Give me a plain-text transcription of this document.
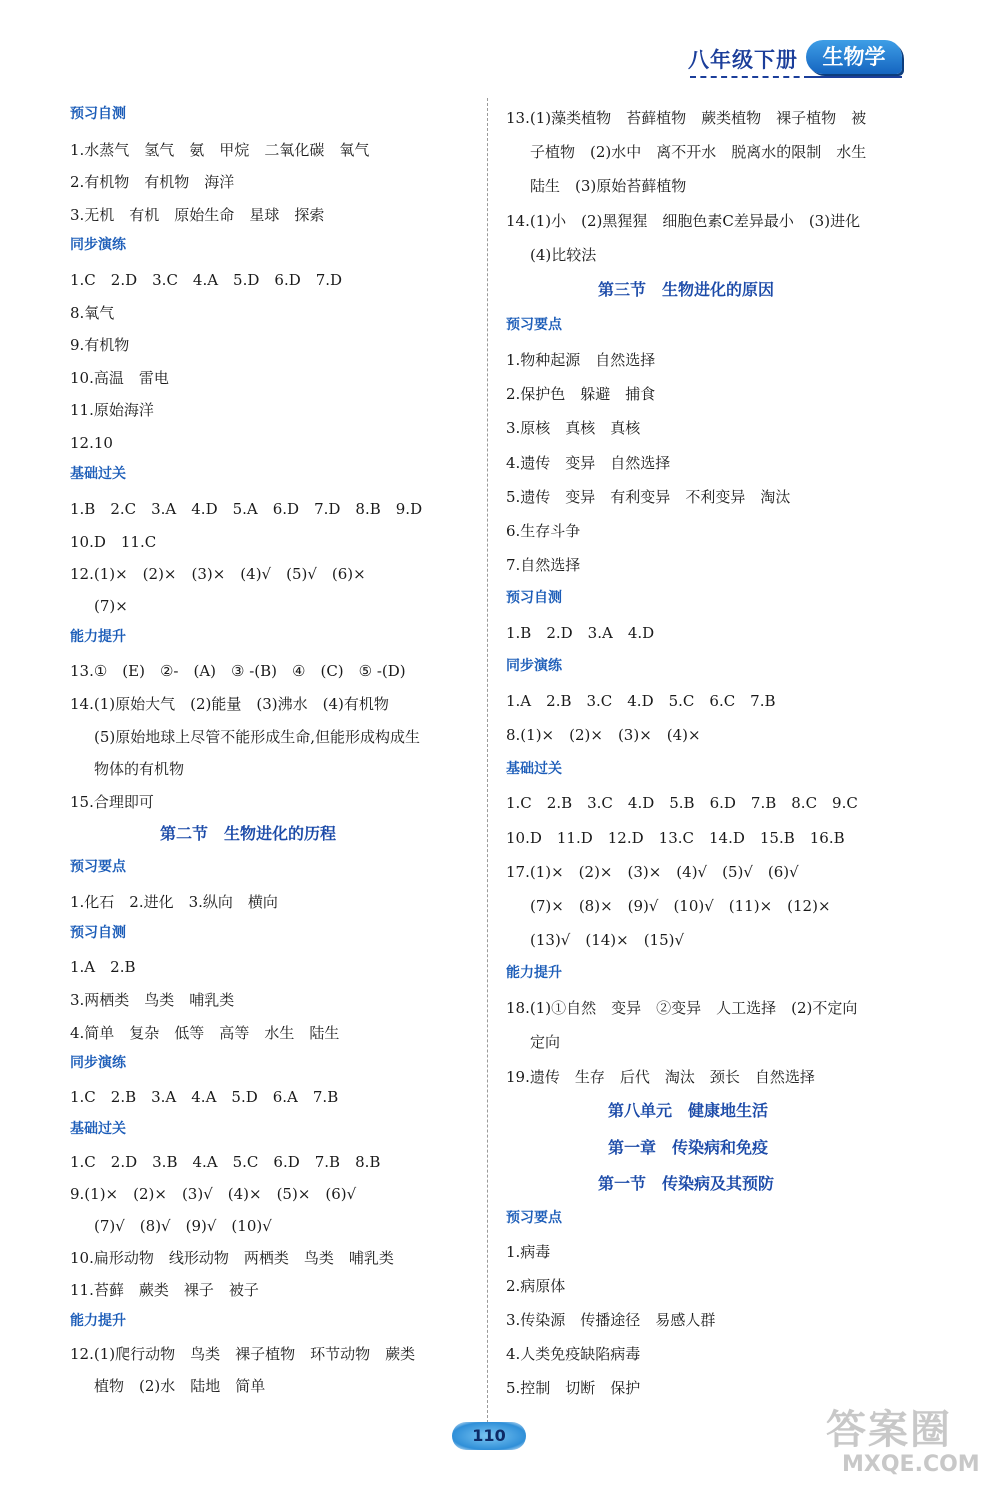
八年级下册	生物学
预习自测
1.水蒸气　氢气　氨　甲烷　二氧化碳　氧气
2.有机物　有机物　海洋
3.无机　有机　原始生命　星球　探索
同步演练
1.C　2.D　3.C　4.A　5.D　6.D　7.D
8.氧气
9.有机物
10.高温　雷电
11.原始海洋
12.10
基础过关
1.B　2.C　3.A　4.D　5.A　6.D　7.D　8.B　9.D
10.D　11.C
12.(1)×　(2)×　(3)×　(4)√　(5)√　(6)×
(7)×
能力提升
13.①　(E)　②-　(A)　③ -(B)　④　(C)　⑤ -(D)
14.(1)原始大气　(2)能量　(3)沸水　(4)有机物
(5)原始地球上尽管不能形成生命,但能形成构成生
物体的有机物
15.合理即可
第二节　生物进化的历程
预习要点
1.化石　2.进化　3.纵向　横向
预习自测
1.A　2.B
3.两栖类　鸟类　哺乳类
4.简单　复杂　低等　高等　水生　陆生
同步演练
1.C　2.B　3.A　4.A　5.D　6.A　7.B
基础过关
1.C　2.D　3.B　4.A　5.C　6.D　7.B　8.B
9.(1)×　(2)×　(3)√　(4)×　(5)×　(6)√
(7)√　(8)√　(9)√　(10)√
10.扁形动物　线形动物　两栖类　鸟类　哺乳类
11.苔藓　蕨类　裸子　被子
能力提升
12.(1)爬行动物　鸟类　裸子植物　环节动物　蕨类
植物　(2)水　陆地　简单
13.(1)藻类植物　苔藓植物　蕨类植物　裸子植物　被
子植物　(2)水中　离不开水　脱离水的限制　水生
陆生　(3)原始苔藓植物
14.(1)小　(2)黑猩猩　细胞色素C差异最小　(3)进化
(4)比较法
第三节　生物进化的原因
预习要点
1.物种起源　自然选择
2.保护色　躲避　捕食
3.原核　真核　真核
4.遗传　变异　自然选择
5.遗传　变异　有利变异　不利变异　淘汰
6.生存斗争
7.自然选择
预习自测
1.B　2.D　3.A　4.D
同步演练
1.A　2.B　3.C　4.D　5.C　6.C　7.B
8.(1)×　(2)×　(3)×　(4)×
基础过关
1.C　2.B　3.C　4.D　5.B　6.D　7.B　8.C　9.C
10.D　11.D　12.D　13.C　14.D　15.B　16.B
17.(1)×　(2)×　(3)×　(4)√　(5)√　(6)√
(7)×　(8)×　(9)√　(10)√　(11)×　(12)×
(13)√　(14)×　(15)√
能力提升
18.(1)①自然　变异　②变异　人工选择　(2)不定向
定向
19.遗传　生存　后代　淘汰　颈长　自然选择
第八单元　健康地生活
第一章　传染病和免疫
第一节　传染病及其预防
预习要点
1.病毒
2.病原体
3.传染源　传播途径　易感人群
4.人类免疫缺陷病毒
5.控制　切断　保护
110	答案圈
MXQE.COM
